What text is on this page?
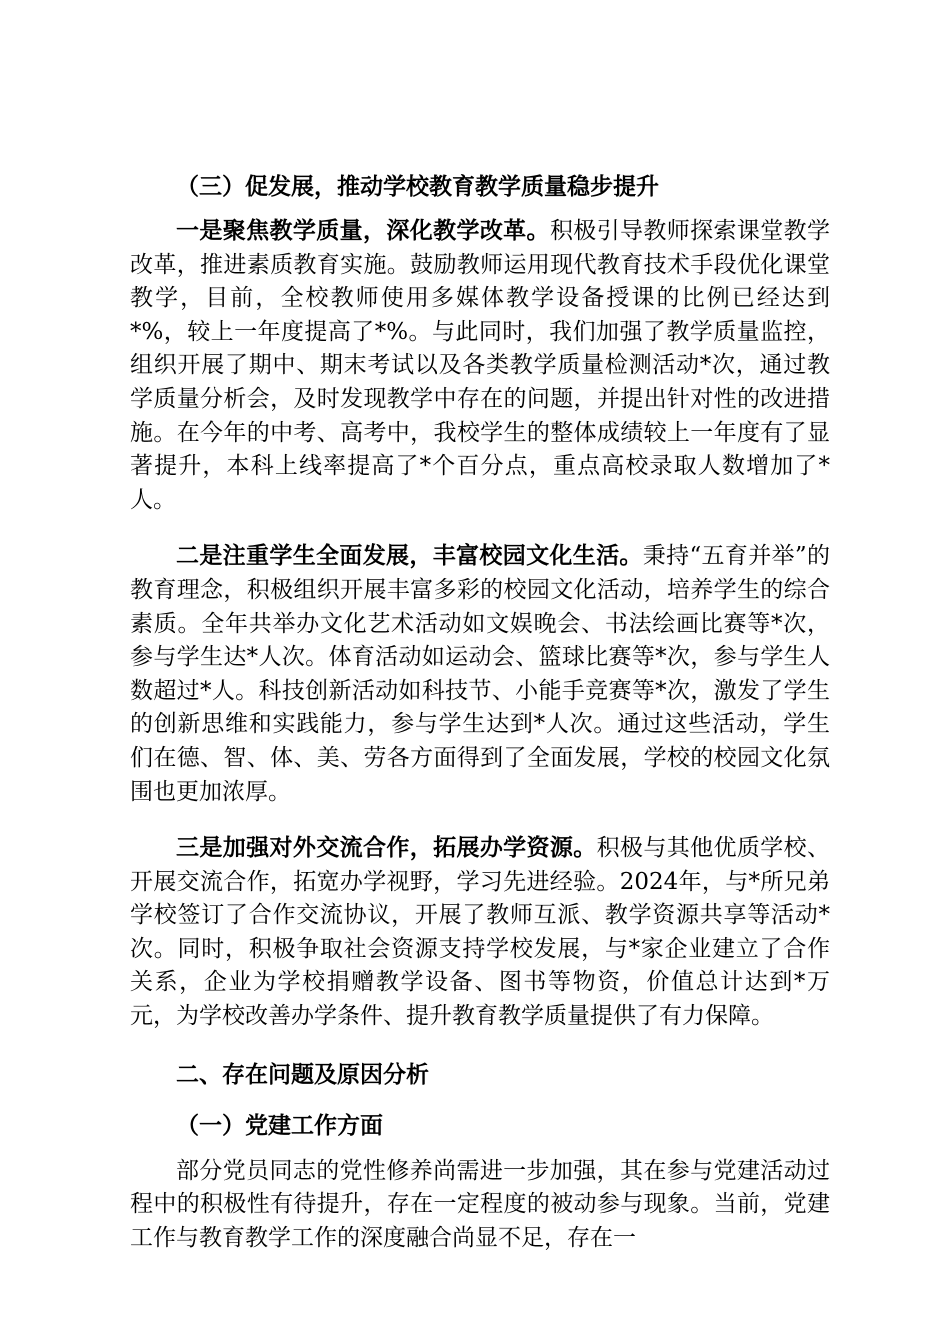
（三）促发展，推动学校教育教学质量稳步提升

一是聚焦教学质量，深化教学改革。积极引导教师探索课堂教学改革，推进素质教育实施。鼓励教师运用现代教育技术手段优化课堂教学，目前，全校教师使用多媒体教学设备授课的比例已经达到*%，较上一年度提高了*%。与此同时，我们加强了教学质量监控，组织开展了期中、期末考试以及各类教学质量检测活动*次，通过教学质量分析会，及时发现教学中存在的问题，并提出针对性的改进措施。在今年的中考、高考中，我校学生的整体成绩较上一年度有了显著提升，本科上线率提高了*个百分点，重点高校录取人数增加了*人。

二是注重学生全面发展，丰富校园文化生活。秉持“五育并举”的教育理念，积极组织开展丰富多彩的校园文化活动，培养学生的综合素质。全年共举办文化艺术活动如文娱晚会、书法绘画比赛等*次，参与学生达*人次。体育活动如运动会、篮球比赛等*次，参与学生人数超过*人。科技创新活动如科技节、小能手竞赛等*次，激发了学生的创新思维和实践能力，参与学生达到*人次。通过这些活动，学生们在德、智、体、美、劳各方面得到了全面发展，学校的校园文化氛围也更加浓厚。

三是加强对外交流合作，拓展办学资源。积极与其他优质学校、开展交流合作，拓宽办学视野，学习先进经验。2024年，与*所兄弟学校签订了合作交流协议，开展了教师互派、教学资源共享等活动*次。同时，积极争取社会资源支持学校发展，与*家企业建立了合作关系，企业为学校捐赠教学设备、图书等物资，价值总计达到*万元，为学校改善办学条件、提升教育教学质量提供了有力保障。

二、存在问题及原因分析

（一）党建工作方面

部分党员同志的党性修养尚需进一步加强，其在参与党建活动过程中的积极性有待提升，存在一定程度的被动参与现象。当前，党建工作与教育教学工作的深度融合尚显不足，存在一
